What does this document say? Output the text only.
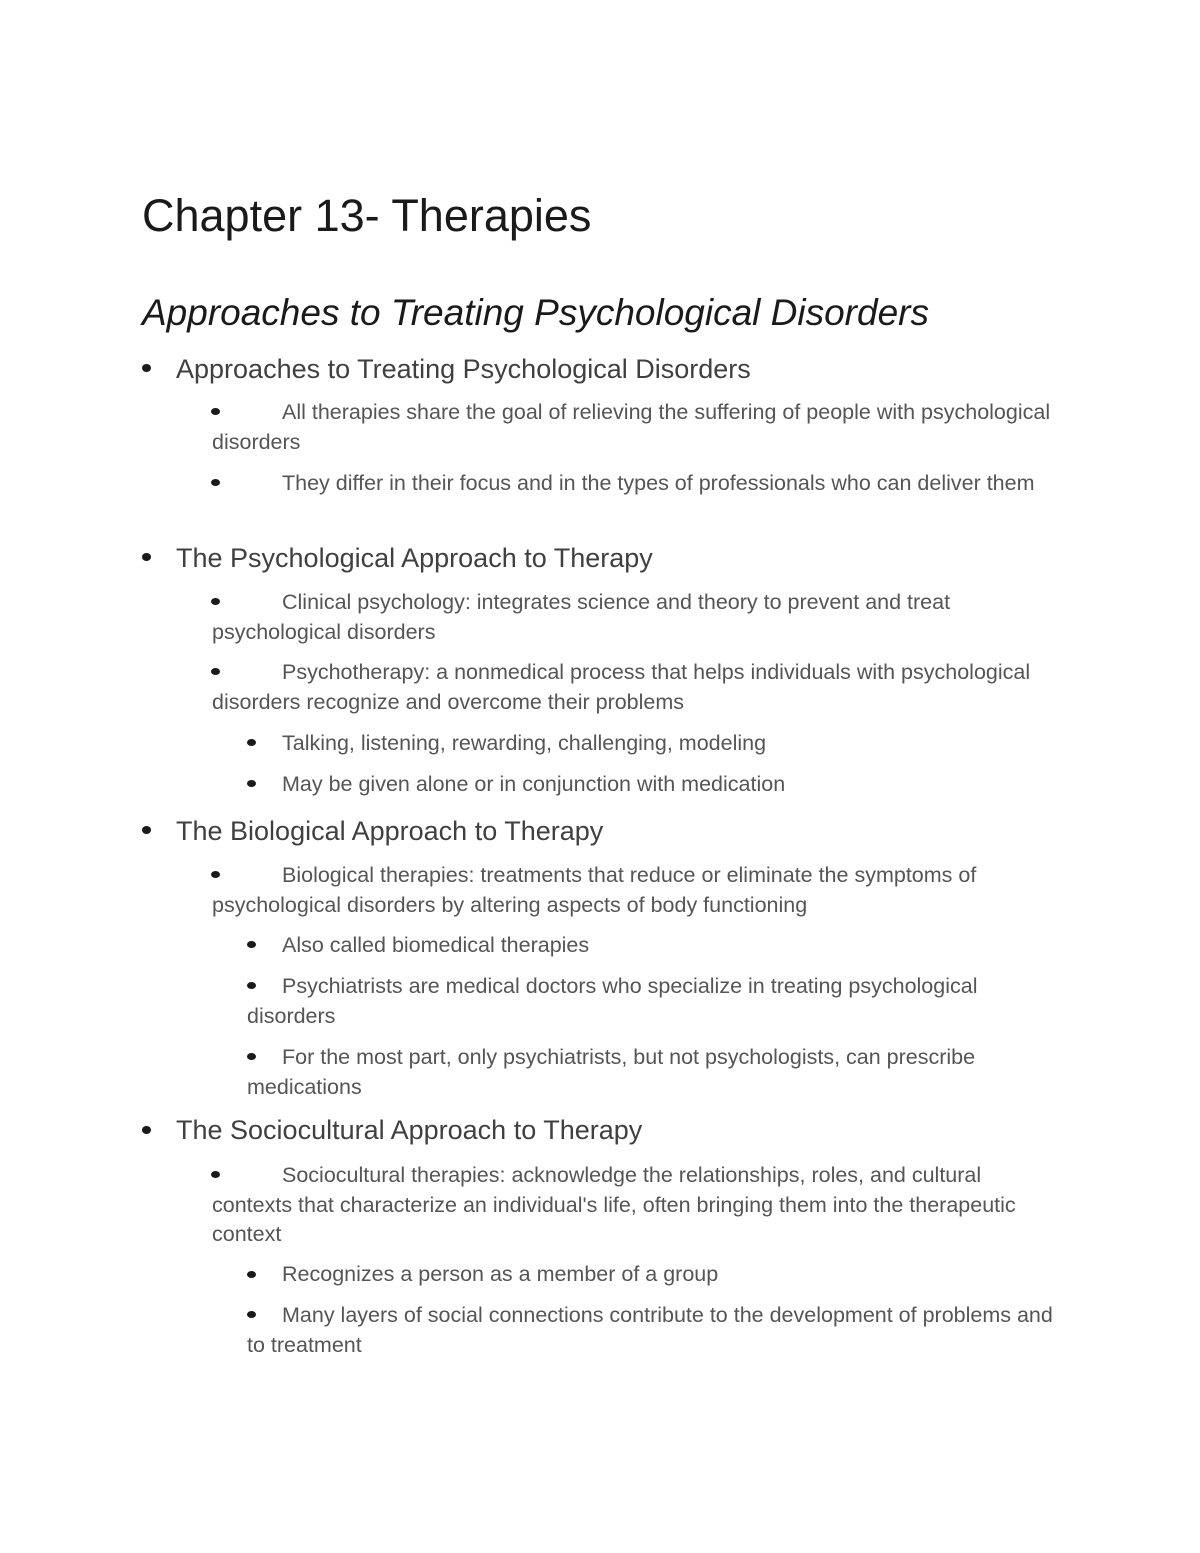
Chapter 13- Therapies
Approaches to Treating Psychological Disorders
Approaches to Treating Psychological Disorders
All therapies share the goal of relieving the suffering of people with psychological disorders
They differ in their focus and in the types of professionals who can deliver them
The Psychological Approach to Therapy
Clinical psychology: integrates science and theory to prevent and treat psychological disorders
Psychotherapy: a nonmedical process that helps individuals with psychological disorders recognize and overcome their problems
Talking, listening, rewarding, challenging, modeling
May be given alone or in conjunction with medication
The Biological Approach to Therapy
Biological therapies: treatments that reduce or eliminate the symptoms of psychological disorders by altering aspects of body functioning
Also called biomedical therapies
Psychiatrists are medical doctors who specialize in treating psychological disorders
For the most part, only psychiatrists, but not psychologists, can prescribe medications
The Sociocultural Approach to Therapy
Sociocultural therapies: acknowledge the relationships, roles, and cultural contexts that characterize an individual's life, often bringing them into the therapeutic context
Recognizes a person as a member of a group
Many layers of social connections contribute to the development of problems and to treatment
